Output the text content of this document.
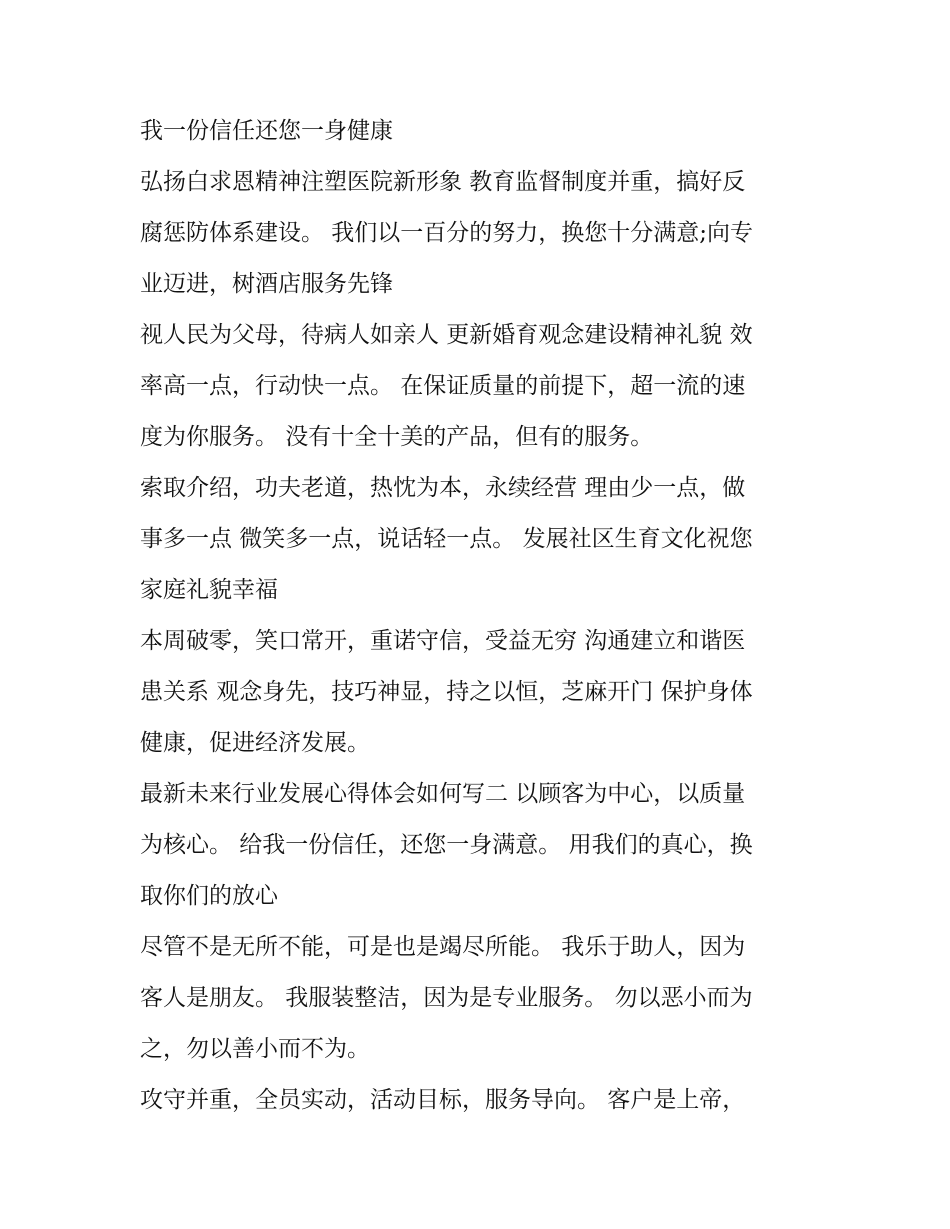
我一份信任还您一身健康

弘扬白求恩精神注塑医院新形象 教育监督制度并重，搞好反
腐惩防体系建设。 我们以一百分的努力，换您十分满意;向专
业迈进，树酒店服务先锋

视人民为父母，待病人如亲人 更新婚育观念建设精神礼貌 效
率高一点，行动快一点。 在保证质量的前提下，超一流的速
度为你服务。 没有十全十美的产品，但有的服务。

索取介绍，功夫老道，热忱为本，永续经营 理由少一点，做
事多一点 微笑多一点，说话轻一点。 发展社区生育文化祝您
家庭礼貌幸福

本周破零，笑口常开，重诺守信，受益无穷 沟通建立和谐医
患关系 观念身先，技巧神显，持之以恒，芝麻开门 保护身体
健康，促进经济发展。

最新未来行业发展心得体会如何写二 以顾客为中心，以质量
为核心。 给我一份信任，还您一身满意。 用我们的真心，换
取你们的放心

尽管不是无所不能，可是也是竭尽所能。 我乐于助人，因为
客人是朋友。 我服装整洁，因为是专业服务。 勿以恶小而为
之，勿以善小而不为。

攻守并重，全员实动，活动目标，服务导向。 客户是上帝，
